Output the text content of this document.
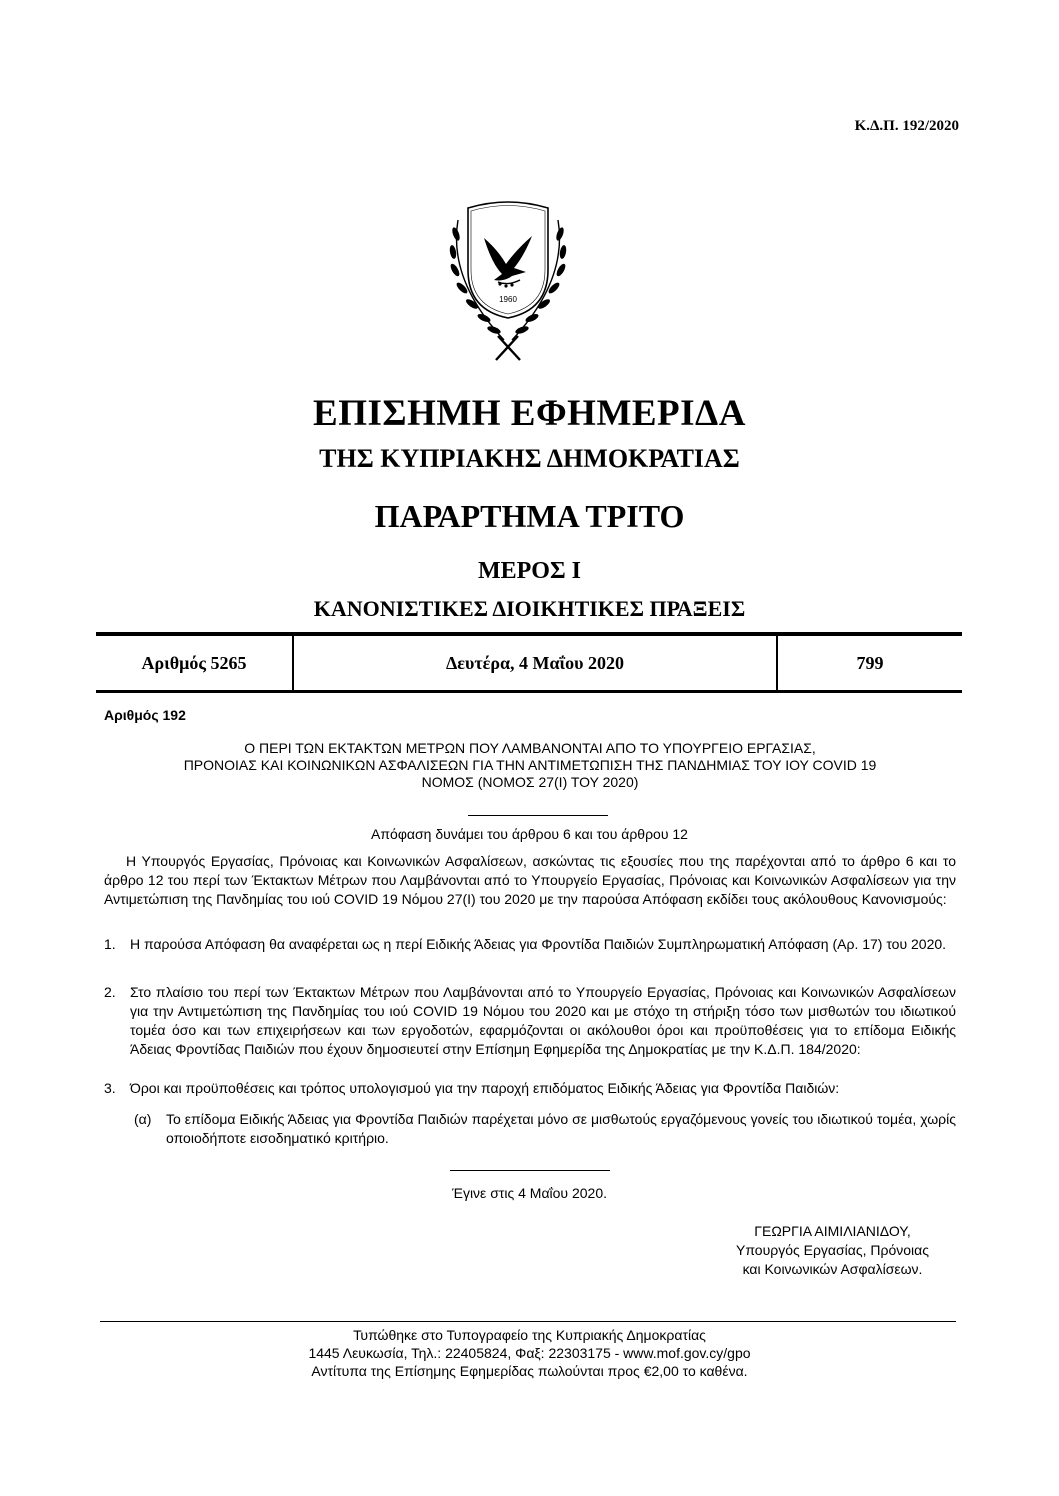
Κ.Δ.Π. 192/2020
1960
ΕΠΙΣΗΜΗ ΕΦΗΜΕΡΙΔΑ
ΤΗΣ ΚΥΠΡΙΑΚΗΣ ΔΗΜΟΚΡΑΤΙΑΣ
ΠΑΡΑΡΤΗΜΑ ΤΡΙΤΟ
ΜΕΡΟΣ Ι
ΚΑΝΟΝΙΣΤΙΚΕΣ ΔΙΟΙΚΗΤΙΚΕΣ ΠΡΑΞΕΙΣ
Αριθμός 5265	Δευτέρα, 4 Μαΐου 2020	799
Αριθμός 192
Ο ΠΕΡΙ ΤΩΝ ΕΚΤΑΚΤΩΝ ΜΕΤΡΩΝ ΠΟΥ ΛΑΜΒΑΝΟΝΤΑΙ ΑΠΟ ΤΟ ΥΠΟΥΡΓΕΙΟ ΕΡΓΑΣΙΑΣ,
ΠΡΟΝΟΙΑΣ ΚΑΙ ΚΟΙΝΩΝΙΚΩΝ ΑΣΦΑΛΙΣΕΩΝ ΓΙΑ ΤΗΝ ΑΝΤΙΜΕΤΩΠΙΣΗ ΤΗΣ ΠΑΝΔΗΜΙΑΣ ΤΟΥ ΙΟΥ COVID 19
ΝΟΜΟΣ (ΝΟΜΟΣ 27(Ι) ΤΟΥ 2020)
Απόφαση δυνάμει του άρθρου 6 και του άρθρου 12
Η Υπουργός Εργασίας, Πρόνοιας και Κοινωνικών Ασφαλίσεων, ασκώντας τις εξουσίες που της παρέχονται από το άρθρο 6 και το άρθρο 12 του περί των Έκτακτων Μέτρων που Λαμβάνονται από το Υπουργείο Εργασίας, Πρόνοιας και Κοινωνικών Ασφαλίσεων για την Αντιμετώπιση της Πανδημίας του ιού COVID 19 Νόμου 27(Ι) του 2020 με την παρούσα Απόφαση εκδίδει τους ακόλουθους Κανονισμούς:
1. Η παρούσα Απόφαση θα αναφέρεται ως η περί Ειδικής Άδειας για Φροντίδα Παιδιών Συμπληρωματική Απόφαση (Αρ. 17) του 2020.
2. Στο πλαίσιο του περί των Έκτακτων Μέτρων που Λαμβάνονται από το Υπουργείο Εργασίας, Πρόνοιας και Κοινωνικών Ασφαλίσεων για την Αντιμετώπιση της Πανδημίας του ιού COVID 19 Νόμου του 2020 και με στόχο τη στήριξη τόσο των μισθωτών του ιδιωτικού τομέα όσο και των επιχειρήσεων και των εργοδοτών, εφαρμόζονται οι ακόλουθοι όροι και προϋποθέσεις για το επίδομα Ειδικής Άδειας Φροντίδας Παιδιών που έχουν δημοσιευτεί στην Επίσημη Εφημερίδα της Δημοκρατίας με την Κ.Δ.Π. 184/2020:
3. Όροι και προϋποθέσεις και τρόπος υπολογισμού για την παροχή επιδόματος Ειδικής Άδειας για Φροντίδα Παιδιών:
(α) Το επίδομα Ειδικής Άδειας για Φροντίδα Παιδιών παρέχεται μόνο σε μισθωτούς εργαζόμενους γονείς του ιδιωτικού τομέα, χωρίς οποιοδήποτε εισοδηματικό κριτήριο.
Έγινε στις 4 Μαΐου 2020.
ΓΕΩΡΓΙΑ ΑΙΜΙΛΙΑΝΙΔΟΥ,
Υπουργός Εργασίας, Πρόνοιας
και Κοινωνικών Ασφαλίσεων.
Τυπώθηκε στο Τυπογραφείο της Κυπριακής Δημοκρατίας
1445 Λευκωσία, Τηλ.: 22405824, Φαξ: 22303175 - www.mof.gov.cy/gpo
Αντίτυπα της Επίσημης Εφημερίδας πωλούνται προς €2,00 το καθένα.
